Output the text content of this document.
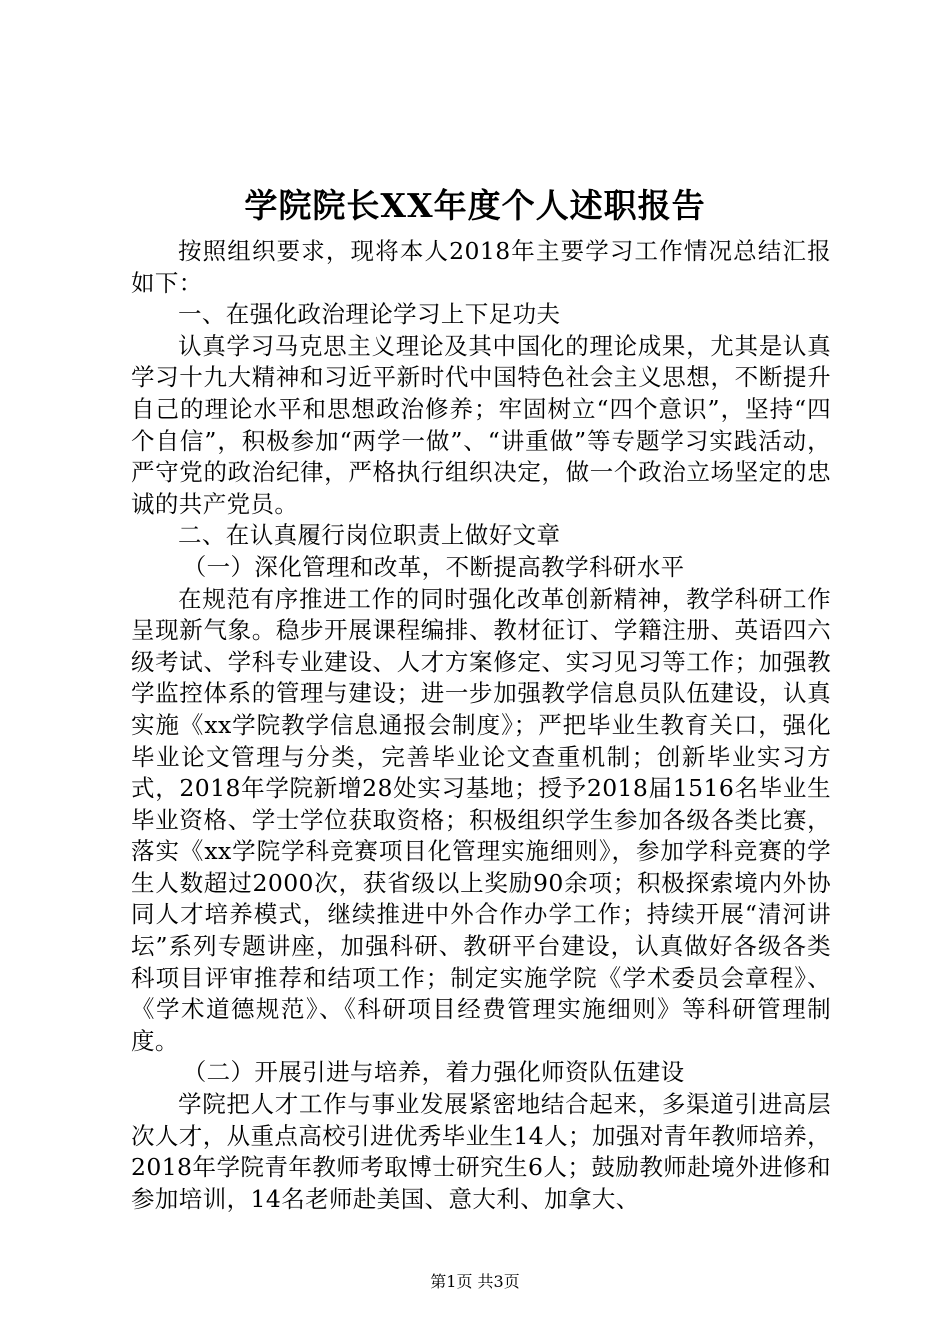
学院院长XX年度个人述职报告

按照组织要求，现将本人2018年主要学习工作情况总结汇报如下：

一、在强化政治理论学习上下足功夫

认真学习马克思主义理论及其中国化的理论成果，尤其是认真学习十九大精神和习近平新时代中国特色社会主义思想，不断提升自己的理论水平和思想政治修养；牢固树立“四个意识”，坚持“四个自信”，积极参加“两学一做”、“讲重做”等专题学习实践活动，严守党的政治纪律，严格执行组织决定，做一个政治立场坚定的忠诚的共产党员。

二、在认真履行岗位职责上做好文章

（一）深化管理和改革，不断提高教学科研水平

在规范有序推进工作的同时强化改革创新精神，教学科研工作呈现新气象。稳步开展课程编排、教材征订、学籍注册、英语四六级考试、学科专业建设、人才方案修定、实习见习等工作；加强教学监控体系的管理与建设；进一步加强教学信息员队伍建设，认真实施《xx学院教学信息通报会制度》；严把毕业生教育关口，强化毕业论文管理与分类，完善毕业论文查重机制；创新毕业实习方式，2018年学院新增28处实习基地；授予2018届1516名毕业生毕业资格、学士学位获取资格；积极组织学生参加各级各类比赛，落实《xx学院学科竞赛项目化管理实施细则》，参加学科竞赛的学生人数超过2000次，获省级以上奖励90余项；积极探索境内外协同人才培养模式，继续推进中外合作办学工作；持续开展“清河讲坛”系列专题讲座，加强科研、教研平台建设，认真做好各级各类科项目评审推荐和结项工作；制定实施学院《学术委员会章程》、《学术道德规范》、《科研项目经费管理实施细则》等科研管理制度。

（二）开展引进与培养，着力强化师资队伍建设

学院把人才工作与事业发展紧密地结合起来，多渠道引进高层次人才，从重点高校引进优秀毕业生14人；加强对青年教师培养，2018年学院青年教师考取博士研究生6人；鼓励教师赴境外进修和参加培训，14名老师赴美国、意大利、加拿大、

第1页 共3页
